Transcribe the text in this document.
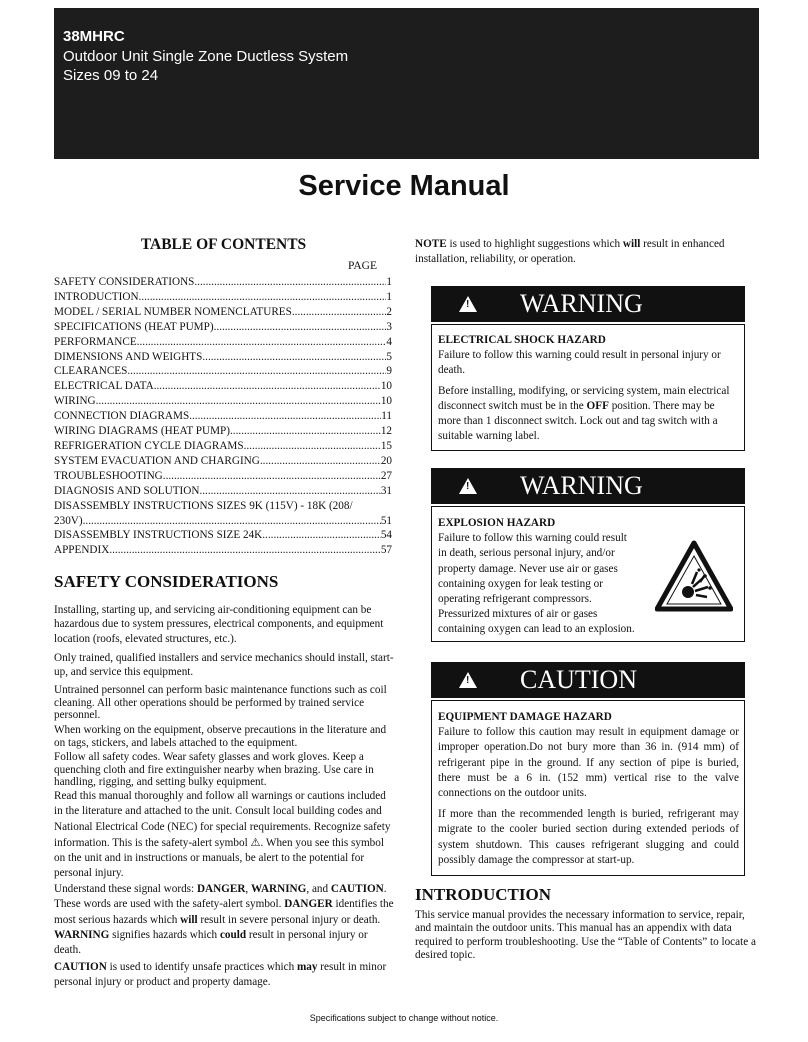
38MHRC
Outdoor Unit Single Zone Ductless System
Sizes 09 to 24
Service Manual
TABLE OF CONTENTS
PAGE
SAFETY CONSIDERATIONS .....	1
INTRODUCTION .....	1
MODEL / SERIAL NUMBER NOMENCLATURES .....	2
SPECIFICATIONS (HEAT PUMP) .....	3
PERFORMANCE .....	4
DIMENSIONS AND WEIGHTS .....	5
CLEARANCES .....	9
ELECTRICAL DATA .....	10
WIRING .....	10
CONNECTION DIAGRAMS .....	11
WIRING DIAGRAMS (HEAT PUMP) .....	12
REFRIGERATION CYCLE DIAGRAMS .....	15
SYSTEM EVACUATION AND CHARGING .....	20
TROUBLESHOOTING .....	27
DIAGNOSIS AND SOLUTION .....	31
DISASSEMBLY INSTRUCTIONS SIZES 9K (115V) - 18K (208/
230V) .....	51
DISASSEMBLY INSTRUCTIONS SIZE 24K .....	54
APPENDIX .....	57
SAFETY CONSIDERATIONS
Installing, starting up, and servicing air-conditioning equipment can be hazardous due to system pressures, electrical components, and equipment location (roofs, elevated structures, etc.).
Only trained, qualified installers and service mechanics should install, start-up, and service this equipment.
Untrained personnel can perform basic maintenance functions such as coil cleaning. All other operations should be performed by trained service personnel.
When working on the equipment, observe precautions in the literature and on tags, stickers, and labels attached to the equipment.
Follow all safety codes. Wear safety glasses and work gloves. Keep a quenching cloth and fire extinguisher nearby when brazing. Use care in handling, rigging, and setting bulky equipment.
Read this manual thoroughly and follow all warnings or cautions included in the literature and attached to the unit. Consult local building codes and National Electrical Code (NEC) for special requirements. Recognize safety information. This is the safety-alert symbol ⚠. When you see this symbol on the unit and in instructions or manuals, be alert to the potential for personal injury.
Understand these signal words: DANGER, WARNING, and CAUTION. These words are used with the safety-alert symbol. DANGER identifies the most serious hazards which will result in severe personal injury or death. WARNING signifies hazards which could result in personal injury or death.
CAUTION is used to identify unsafe practices which may result in minor personal injury or product and property damage.
NOTE is used to highlight suggestions which will result in enhanced installation, reliability, or operation.
! WARNING
ELECTRICAL SHOCK HAZARD
Failure to follow this warning could result in personal injury or death.
Before installing, modifying, or servicing system, main electrical disconnect switch must be in the OFF position. There may be more than 1 disconnect switch. Lock out and tag switch with a suitable warning label.
! WARNING
EXPLOSION HAZARD
Failure to follow this warning could result
in death, serious personal injury, and/or
property damage. Never use air or gases
containing oxygen for leak testing or
operating refrigerant compressors.
Pressurized mixtures of air or gases
containing oxygen can lead to an explosion.
! CAUTION
EQUIPMENT DAMAGE HAZARD
Failure to follow this caution may result in equipment damage or improper operation.Do not bury more than 36 in. (914 mm) of refrigerant pipe in the ground. If any section of pipe is buried, there must be a 6 in. (152 mm) vertical rise to the valve connections on the outdoor units.
If more than the recommended length is buried, refrigerant may migrate to the cooler buried section during extended periods of system shutdown. This causes refrigerant slugging and could possibly damage the compressor at start-up.
INTRODUCTION
This service manual provides the necessary information to service, repair, and maintain the outdoor units. This manual has an appendix with data required to perform troubleshooting. Use the “Table of Contents” to locate a desired topic.
Specifications subject to change without notice.
